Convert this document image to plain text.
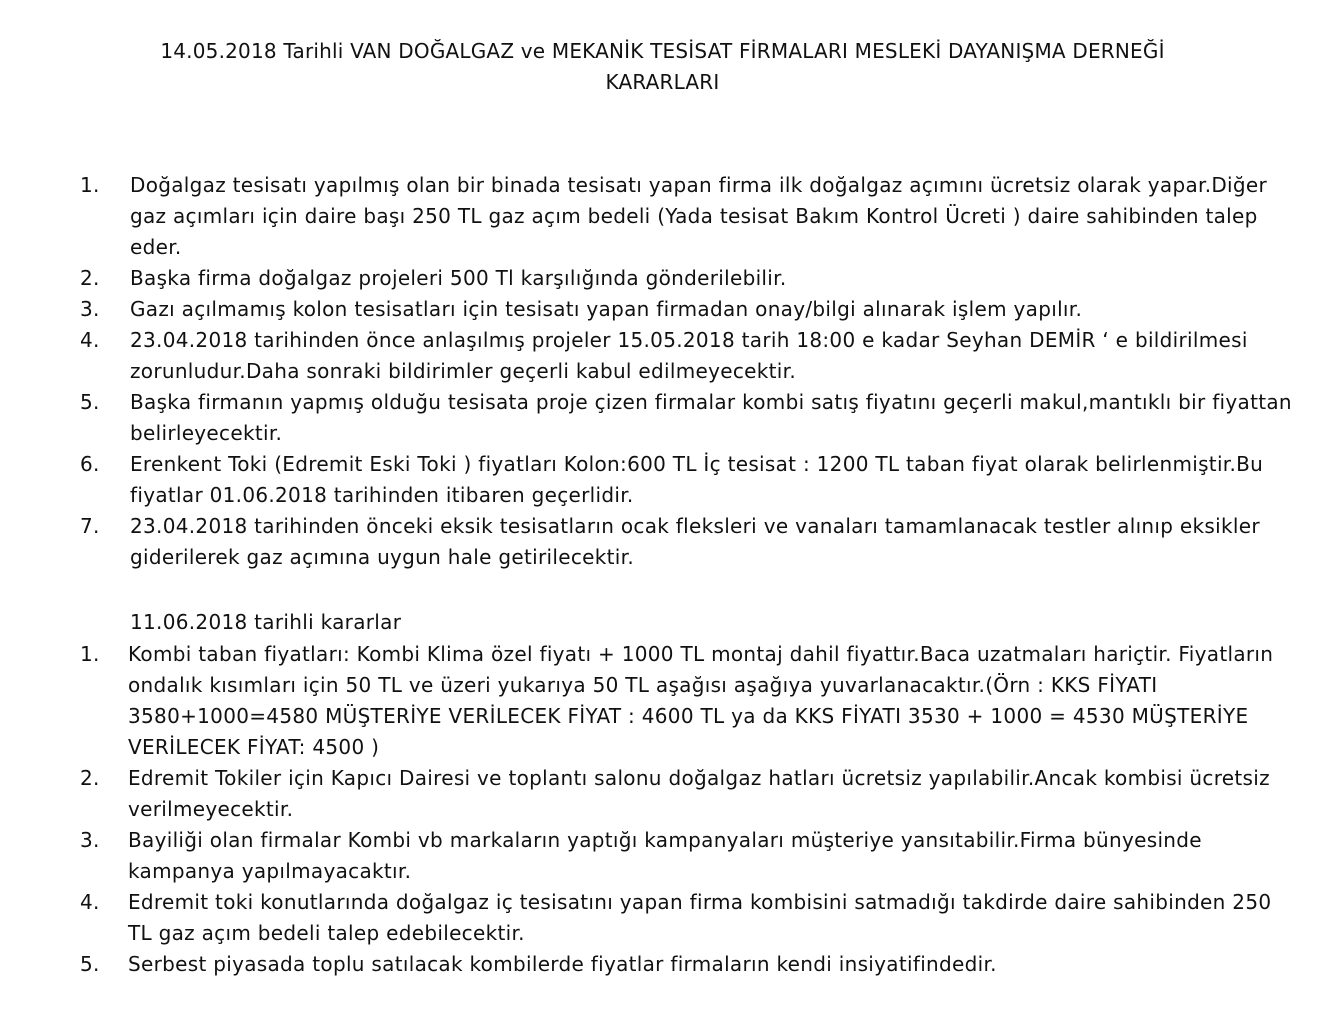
14.05.2018 Tarihli VAN DOĞALGAZ ve MEKANİK TESİSAT FİRMALARI MESLEKİ DAYANIŞMA DERNEĞİ
KARARLARI
1. Doğalgaz tesisatı yapılmış olan bir binada tesisatı yapan firma ilk doğalgaz açımını ücretsiz olarak yapar.Diğer gaz açımları için daire başı 250 TL gaz açım bedeli (Yada tesisat Bakım Kontrol Ücreti ) daire sahibinden talep eder.
2. Başka firma doğalgaz projeleri 500 Tl karşılığında gönderilebilir.
3. Gazı açılmamış kolon tesisatları için tesisatı yapan firmadan onay/bilgi alınarak işlem yapılır.
4. 23.04.2018 tarihinden önce anlaşılmış projeler 15.05.2018 tarih 18:00 e kadar Seyhan DEMİR ‘ e bildirilmesi zorunludur.Daha sonraki bildirimler geçerli kabul edilmeyecektir.
5. Başka firmanın yapmış olduğu tesisata proje çizen firmalar kombi satış fiyatını geçerli makul,mantıklı bir fiyattan belirleyecektir.
6. Erenkent Toki (Edremit Eski Toki ) fiyatları Kolon:600 TL İç tesisat : 1200 TL taban fiyat olarak belirlenmiştir.Bu fiyatlar 01.06.2018 tarihinden itibaren geçerlidir.
7. 23.04.2018 tarihinden önceki eksik tesisatların ocak fleksleri ve vanaları tamamlanacak testler alınıp eksikler giderilerek gaz açımına uygun hale getirilecektir.
11.06.2018 tarihli kararlar
1. Kombi taban fiyatları: Kombi Klima özel fiyatı + 1000 TL montaj dahil fiyattır.Baca uzatmaları hariçtir. Fiyatların ondalık kısımları için 50 TL ve üzeri yukarıya 50 TL aşağısı aşağıya yuvarlanacaktır.(Örn : KKS FİYATI 3580+1000=4580 MÜŞTERİYE VERİLECEK FİYAT : 4600 TL ya da KKS FİYATI 3530 + 1000 = 4530 MÜŞTERİYE VERİLECEK FİYAT: 4500 )
2. Edremit Tokiler için Kapıcı Dairesi ve toplantı salonu doğalgaz hatları ücretsiz yapılabilir.Ancak kombisi ücretsiz verilmeyecektir.
3. Bayiliği olan firmalar Kombi vb markaların yaptığı kampanyaları müşteriye yansıtabilir.Firma bünyesinde kampanya yapılmayacaktır.
4. Edremit toki konutlarında doğalgaz iç tesisatını yapan firma kombisini satmadığı takdirde daire sahibinden 250 TL gaz açım bedeli talep edebilecektir.
5. Serbest piyasada toplu satılacak kombilerde fiyatlar firmaların kendi insiyatifindedir.
